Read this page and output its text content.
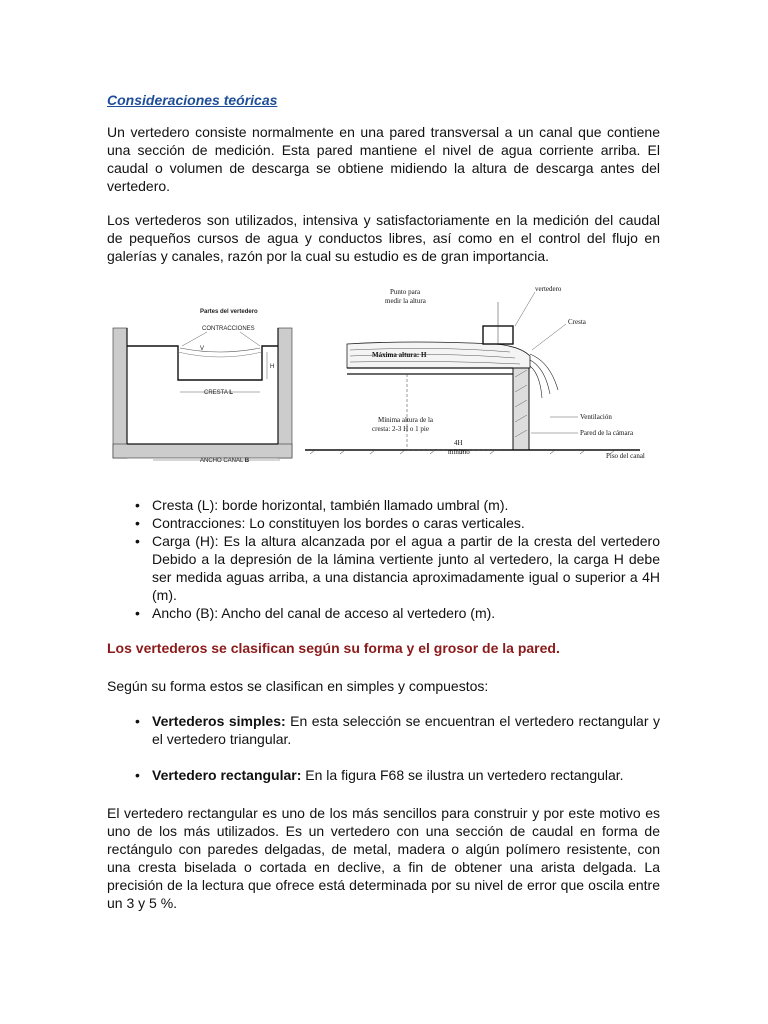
Consideraciones teóricas

Un vertedero consiste normalmente en una pared transversal a un canal que contiene una sección de medición. Esta pared mantiene el nivel de agua corriente arriba. El caudal o volumen de descarga se obtiene midiendo la altura de descarga antes del vertedero.

Los vertederos son utilizados, intensiva y satisfactoriamente en la medición del caudal de pequeños cursos de agua y conductos libres, así como en el control del flujo en galerías y canales, razón por la cual su estudio es de gran importancia.

Partes del vertedero
CONTRACCIONES
V
H
CRESTA L
ANCHO CANAL B
Punto para
medir la altura
vertedero
Cresta
Máxima altura: H
Mínima altura de la
cresta: 2-3 H o 1 pie
4H
mínimo
Ventilación
Pared de la cámara
Piso del canal
• Cresta (L): borde horizontal, también llamado umbral (m).
• Contracciones: Lo constituyen los bordes o caras verticales.
• Carga (H): Es la altura alcanzada por el agua a partir de la cresta del vertedero Debido a la depresión de la lámina vertiente junto al vertedero, la carga H debe ser medida aguas arriba, a una distancia aproximadamente igual o superior a 4H (m).
• Ancho (B): Ancho del canal de acceso al vertedero (m).
Los vertederos se clasifican según su forma y el grosor de la pared.
Según su forma estos se clasifican en simples y compuestos:
• Vertederos simples: En esta selección se encuentran el vertedero rectangular y el vertedero triangular.
• Vertedero rectangular: En la figura F68 se ilustra un vertedero rectangular.

El vertedero rectangular es uno de los más sencillos para construir y por este motivo es uno de los más utilizados. Es un vertedero con una sección de caudal en forma de rectángulo con paredes delgadas, de metal, madera o algún polímero resistente, con una cresta biselada o cortada en declive, a fin de obtener una arista delgada. La precisión de la lectura que ofrece está determinada por su nivel de error que oscila entre un 3 y 5 %.
